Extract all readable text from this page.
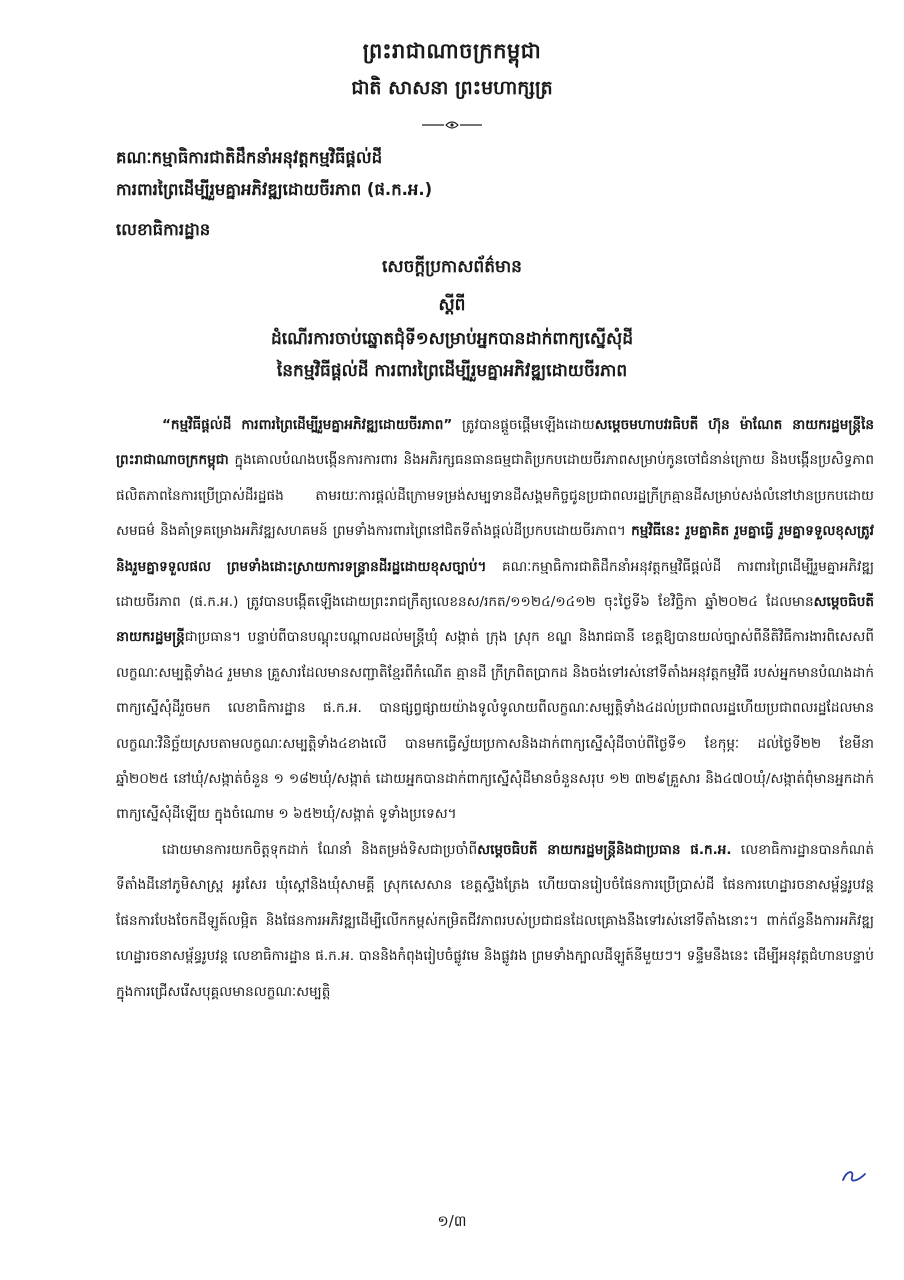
ព្រះរាជាណាចក្រកម្ពុជា
ជាតិ សាសនា ព្រះមហាក្សត្រ
គណៈកម្មាធិការជាតិដឹកនាំអនុវត្តកម្មវិធីផ្តល់ដី
ការពារព្រៃដើម្បីរួមគ្នាអភិវឌ្ឍដោយចីរភាព (ផ.ក.អ.)
លេខាធិការដ្ឋាន
សេចក្តីប្រកាសព័ត៌មាន
ស្តីពី
ដំណើរការចាប់ឆ្នោតជុំទី១សម្រាប់អ្នកបានដាក់ពាក្យស្នើសុំដី
នៃកម្មវិធីផ្តល់ដី ការពារព្រៃដើម្បីរួមគ្នាអភិវឌ្ឍដោយចីរភាព

“កម្មវិធីផ្តល់ដី ការពារព្រៃដើម្បីរួមគ្នាអភិវឌ្ឍដោយចីរភាព” ត្រូវបានផ្តួចផ្តើមឡើងដោយសម្តេចមហាបវរធិបតី ហ៊ុន ម៉ាណែត នាយករដ្ឋមន្ត្រីនៃព្រះរាជាណាចក្រកម្ពុជា ក្នុងគោលបំណងបង្កើនការការពារ និងអភិរក្សធនធានធម្មជាតិប្រកបដោយចីរភាពសម្រាប់កូនចៅជំនាន់ក្រោយ និងបង្កើនប្រសិទ្ធភាព ផលិតភាពនៃការប្រើប្រាស់ដីរដ្ឋផង តាមរយៈការផ្តល់ដីក្រោមទម្រង់សម្បទានដីសង្គមកិច្ចជូនប្រជាពលរដ្ឋក្រីក្រគ្មានដីសម្រាប់សង់លំនៅឋានប្រកបដោយសមធម៌ និងគាំទ្រគម្រោងអភិវឌ្ឍសហគមន៍ ព្រមទាំងការពារព្រៃនៅជិតទីតាំងផ្តល់ដីប្រកបដោយចីរភាព។ កម្មវិធីនេះ រួមគ្នាគិត រួមគ្នាធ្វើ រួមគ្នាទទួលខុសត្រូវ និងរួមគ្នាទទួលផល ព្រមទាំងដោះស្រាយការទន្ទ្រានដីរដ្ឋដោយខុសច្បាប់។ គណៈកម្មាធិការជាតិដឹកនាំអនុវត្តកម្មវិធីផ្តល់ដី ការពារព្រៃដើម្បីរួមគ្នាអភិវឌ្ឍដោយចីរភាព (ផ.ក.អ.) ត្រូវបានបង្កើតឡើងដោយព្រះរាជក្រឹត្យលេខនស/រកត/១១២៤/១៤១២ ចុះថ្ងៃទី៦ ខែវិច្ឆិកា ឆ្នាំ២០២៤ ដែលមានសម្តេចធិបតី នាយករដ្ឋមន្ត្រីជាប្រធាន។ បន្ទាប់ពីបានបណ្តុះបណ្តាលដល់មន្ត្រីឃុំ សង្កាត់ ក្រុង ស្រុក ខណ្ឌ និងរាជធានី ខេត្តឱ្យបានយល់ច្បាស់ពីនីតិវិធីការងារពិសេសពីលក្ខណៈសម្បត្តិទាំង៤ រួមមាន គ្រួសារដែលមានសញ្ជាតិខ្មែរពីកំណើត គ្មានដី ក្រីក្រពិតប្រាកដ និងចង់ទៅរស់នៅទីតាំងអនុវត្តកម្មវិធី របស់អ្នកមានបំណងដាក់ពាក្យស្នើសុំដីរួចមក លេខាធិការដ្ឋាន ផ.ក.អ. បានផ្សព្វផ្សាយយ៉ាងទូលំទូលាយពីលក្ខណៈសម្បត្តិទាំង៤ដល់ប្រជាពលរដ្ឋហើយប្រជាពលរដ្ឋដែលមានលក្ខណៈវិនិច្ឆ័យស្របតាមលក្ខណៈសម្បត្តិទាំង៤ខាងលើ បានមកធ្វើស្វ័យប្រកាសនិងដាក់ពាក្យស្នើសុំដីចាប់ពីថ្ងៃទី១ ខែកុម្ភៈ ដល់ថ្ងៃទី២២ ខែមីនា ឆ្នាំ២០២៥ នៅឃុំ/សង្កាត់ចំនួន ១ ១៨២ឃុំ/សង្កាត់ ដោយអ្នកបានដាក់ពាក្យស្នើសុំដីមានចំនួនសរុប ១២ ៣២៩គ្រួសារ និង៤៧០ឃុំ/សង្កាត់ពុំមានអ្នកដាក់ពាក្យស្នើសុំដីឡើយ ក្នុងចំណោម ១ ៦៥២ឃុំ/សង្កាត់ ទូទាំងប្រទេស។

ដោយមានការយកចិត្តទុកដាក់ ណែនាំ និងតម្រង់ទិសជាប្រចាំពីសម្តេចធិបតី នាយករដ្ឋមន្ត្រីនិងជាប្រធាន ផ.ក.អ. លេខាធិការដ្ឋានបានកំណត់ទីតាំងដីនៅភូមិសាស្ត្រ អូរសែរ ឃុំស្តៅនិងឃុំសាមគ្គី ស្រុកសេសាន ខេត្តស្ទឹងត្រែង ហើយបានរៀបចំផែនការប្រើប្រាស់ដី ផែនការហេដ្ឋារចនាសម្ព័ន្ធរូបវន្ត ផែនការបែងចែកដីឡូត៍លម្អិត និងផែនការអភិវឌ្ឍដើម្បីលើកកម្ពស់កម្រិតជីវភាពរបស់ប្រជាជនដែលគ្រោងនឹងទៅរស់នៅទីតាំងនោះ។ ពាក់ព័ន្ធនឹងការអភិវឌ្ឍហេដ្ឋារចនាសម្ព័ន្ធរូបវន្ត លេខាធិការដ្ឋាន ផ.ក.អ. បាននិងកំពុងរៀបចំផ្លូវមេ និងផ្លូវរង ព្រមទាំងក្បាលដីឡូត៍នីមួយៗ។ ទន្ទឹមនឹងនេះ ដើម្បីអនុវត្តជំហានបន្ទាប់ ក្នុងការជ្រើសរើសបុគ្គលមានលក្ខណៈសម្បត្តិ

១/៣
